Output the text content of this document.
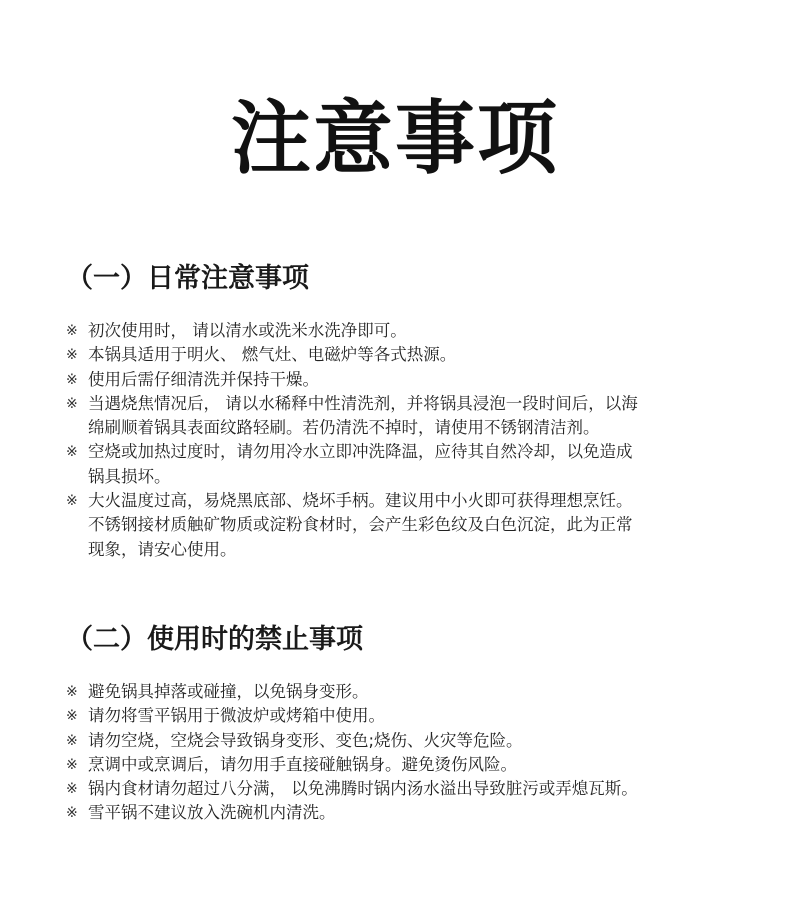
注意事项
（一）日常注意事项
※ 初次使用时， 请以清水或洗米水洗净即可。
※ 本锅具适用于明火、 燃气灶、电磁炉等各式热源。
※ 使用后需仔细清洗并保持干燥。
※ 当遇烧焦情况后， 请以水稀释中性清洗剂，并将锅具浸泡一段时间后，以海
绵刷顺着锅具表面纹路轻刷。若仍清洗不掉时，请使用不锈钢清洁剂。
※ 空烧或加热过度时，请勿用冷水立即冲洗降温，应待其自然冷却，以免造成
锅具损坏。
※ 大火温度过高，易烧黑底部、烧坏手柄。建议用中小火即可获得理想烹饪。
不锈钢接材质触矿物质或淀粉食材时，会产生彩色纹及白色沉淀，此为正常
现象，请安心使用。
（二）使用时的禁止事项
※ 避免锅具掉落或碰撞，以免锅身变形。
※ 请勿将雪平锅用于微波炉或烤箱中使用。
※ 请勿空烧，空烧会导致锅身变形、变色;烧伤、火灾等危险。
※ 烹调中或烹调后，请勿用手直接碰触锅身。避免烫伤风险。
※ 锅内食材请勿超过八分满， 以免沸腾时锅内汤水溢出导致脏污或弄熄瓦斯。
※ 雪平锅不建议放入洗碗机内清洗。
